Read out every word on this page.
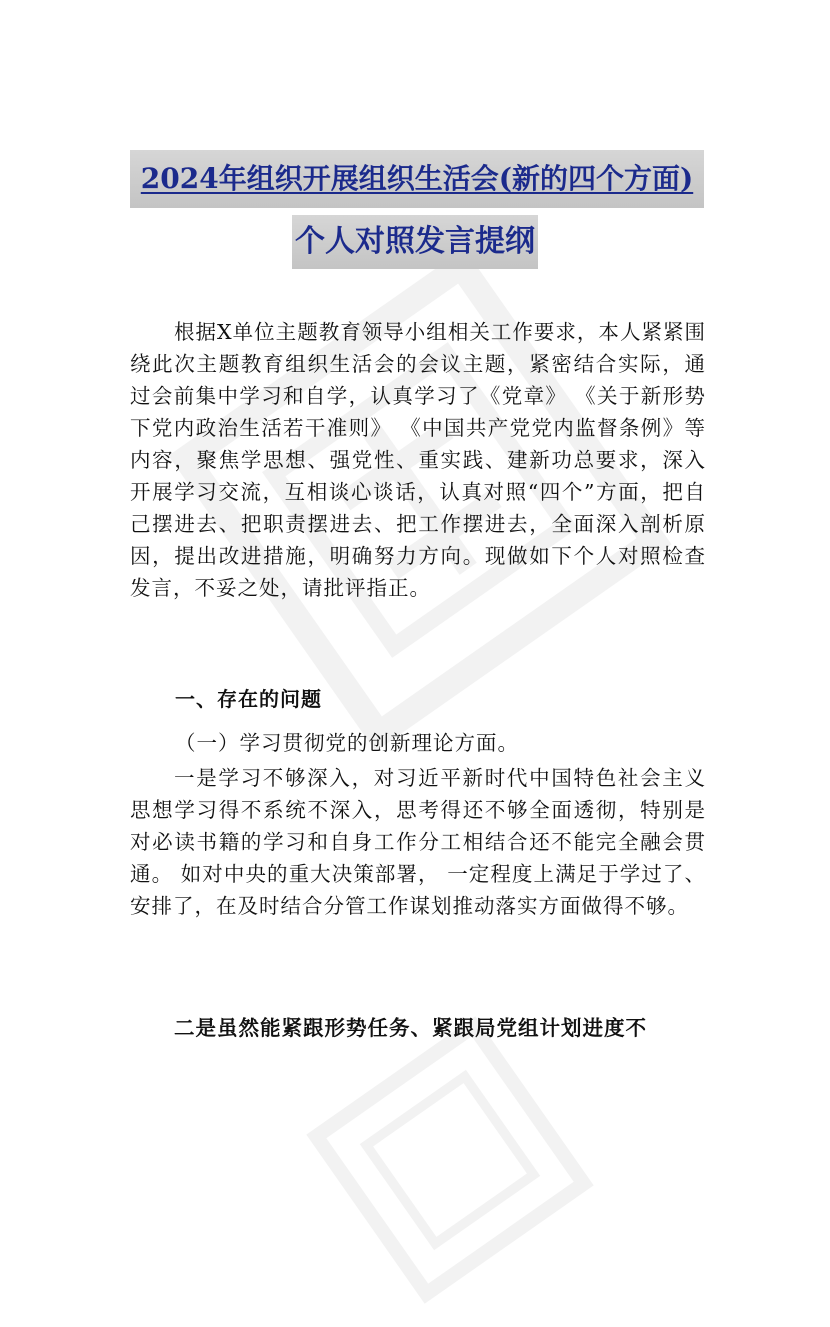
2024年组织开展组织生活会(新的四个方面)
个人对照发言提纲
根据X单位主题教育领导小组相关工作要求，本人紧紧围绕此次主题教育组织生活会的会议主题，紧密结合实际，通过会前集中学习和自学，认真学习了《党章》 《关于新形势下党内政治生活若干准则》 《中国共产党党内监督条例》等内容，聚焦学思想、强党性、重实践、建新功总要求，深入开展学习交流，互相谈心谈话，认真对照“四个”方面，把自己摆进去、把职责摆进去、把工作摆进去，全面深入剖析原因，提出改进措施，明确努力方向。现做如下个人对照检查发言，不妥之处，请批评指正。
一、存在的问题
（一）学习贯彻党的创新理论方面。
一是学习不够深入，对习近平新时代中国特色社会主义思想学习得不系统不深入，思考得还不够全面透彻，特别是对必读书籍的学习和自身工作分工相结合还不能完全融会贯通。 如对中央的重大决策部署， 一定程度上满足于学过了、安排了，在及时结合分管工作谋划推动落实方面做得不够。
二是虽然能紧跟形势任务、紧跟局党组计划进度不
